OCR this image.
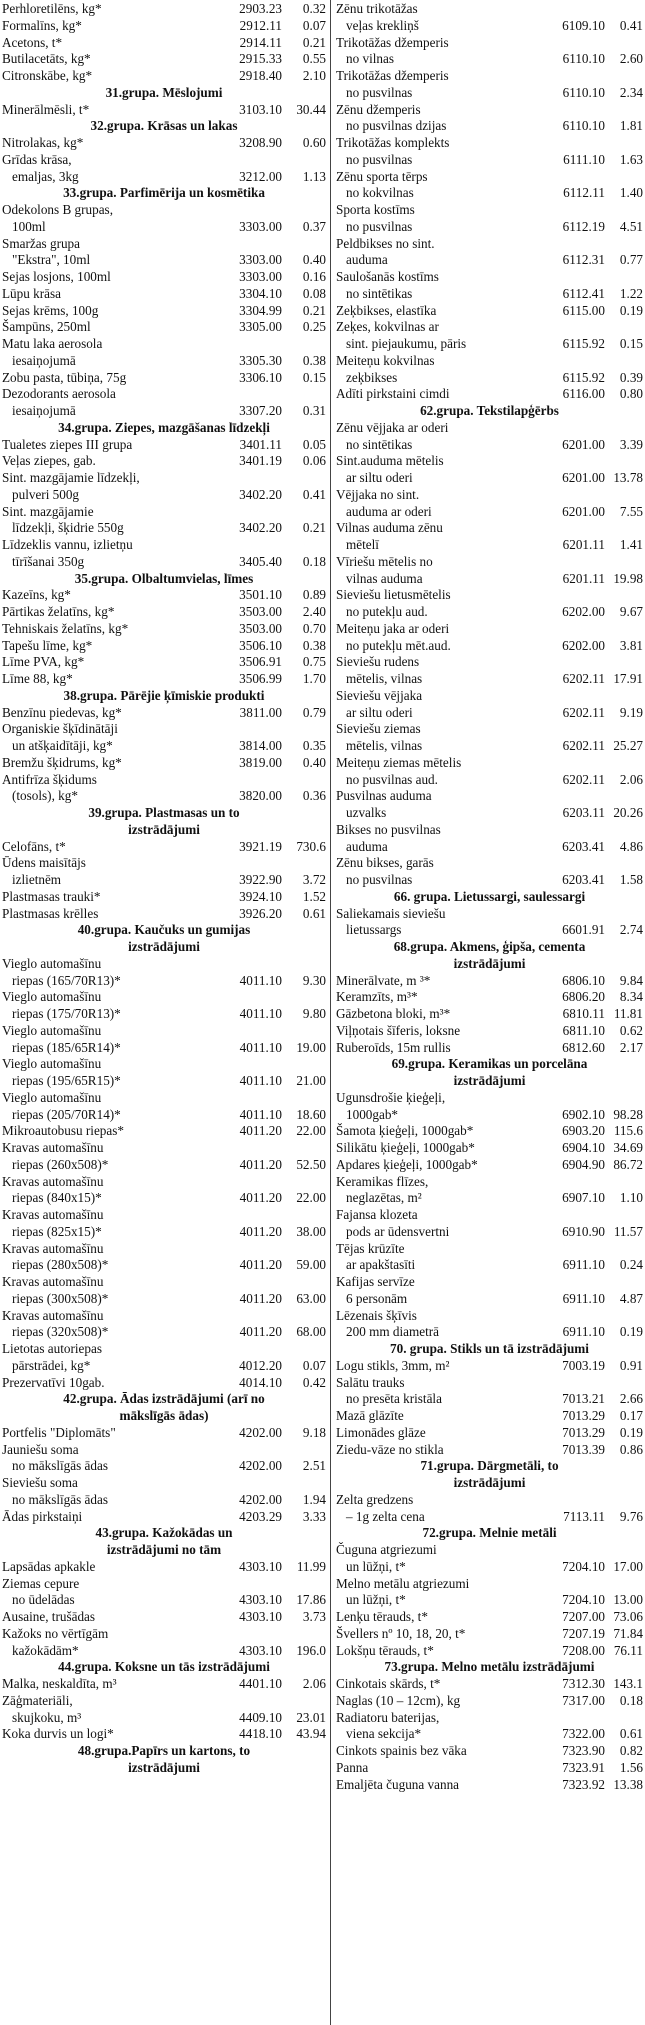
Perhloretilēns, kg*	2903.23	0.32
Formalīns, kg*	2912.11	0.07
Acetons, t*	2914.11	0.21
Butilacetāts, kg*	2915.33	0.55
Citronskābe, kg*	2918.40	2.10
31.grupa. Mēslojumi
Minerālmēsli, t*	3103.10	30.44
32.grupa. Krāsas un lakas
Nitrolakas, kg*	3208.90	0.60
Grīdas krāsa,
emaljas, 3kg	3212.00	1.13
33.grupa. Parfimērija un kosmētika
Odekolons B grupas,
100ml	3303.00	0.37
Smaržas grupa
"Ekstra", 10ml	3303.00	0.40
Sejas losjons, 100ml	3303.00	0.16
Lūpu krāsa	3304.10	0.08
Sejas krēms, 100g	3304.99	0.21
Šampūns, 250ml	3305.00	0.25
Matu laka aerosola
iesaiņojumā	3305.30	0.38
Zobu pasta, tūbiņa, 75g	3306.10	0.15
Dezodorants aerosola
iesaiņojumā	3307.20	0.31
34.grupa. Ziepes, mazgāšanas līdzekļi
Tualetes ziepes III grupa	3401.11	0.05
Veļas ziepes, gab.	3401.19	0.06
Sint. mazgājamie līdzekļi,
pulveri 500g	3402.20	0.41
Sint. mazgājamie
līdzekļi, šķidrie 550g	3402.20	0.21
Līdzeklis vannu, izlietņu
tīrīšanai 350g	3405.40	0.18
35.grupa. Olbaltumvielas, līmes
Kazeīns, kg*	3501.10	0.89
Pārtikas želatīns, kg*	3503.00	2.40
Tehniskais želatīns, kg*	3503.00	0.70
Tapešu līme, kg*	3506.10	0.38
Līme PVA, kg*	3506.91	0.75
Līme 88, kg*	3506.99	1.70
38.grupa. Pārējie ķīmiskie produkti
Benzīnu piedevas, kg*	3811.00	0.79
Organiskie šķīdinātāji
un atšķaidītāji, kg*	3814.00	0.35
Bremžu šķidrums, kg*	3819.00	0.40
Antifrīza šķidums
(tosols), kg*	3820.00	0.36
39.grupa. Plastmasas un to
izstrādājumi
Celofāns, t*	3921.19	730.6
Ūdens maisītājs
izlietnēm	3922.90	3.72
Plastmasas trauki*	3924.10	1.52
Plastmasas krēlles	3926.20	0.61
40.grupa. Kaučuks un gumijas
izstrādājumi
Vieglo automašīnu
riepas (165/70R13)*	4011.10	9.30
Vieglo automašīnu
riepas (175/70R13)*	4011.10	9.80
Vieglo automašīnu
riepas (185/65R14)*	4011.10	19.00
Vieglo automašīnu
riepas (195/65R15)*	4011.10	21.00
Vieglo automašīnu
riepas (205/70R14)*	4011.10	18.60
Mikroautobusu riepas*	4011.20	22.00
Kravas automašīnu
riepas (260x508)*	4011.20	52.50
Kravas automašīnu
riepas (840x15)*	4011.20	22.00
Kravas automašīnu
riepas (825x15)*	4011.20	38.00
Kravas automašīnu
riepas (280x508)*	4011.20	59.00
Kravas automašīnu
riepas (300x508)*	4011.20	63.00
Kravas automašīnu
riepas (320x508)*	4011.20	68.00
Lietotas autoriepas
pārstrādei, kg*	4012.20	0.07
Prezervatīvi 10gab.	4014.10	0.42
42.grupa. Ādas izstrādājumi (arī no
mākslīgās ādas)
Portfelis "Diplomāts"	4202.00	9.18
Jauniešu soma
no mākslīgās ādas	4202.00	2.51
Sieviešu soma
no mākslīgās ādas	4202.00	1.94
Ādas pirkstaiņi	4203.29	3.33
43.grupa. Kažokādas un
izstrādājumi no tām
Lapsādas apkakle	4303.10	11.99
Ziemas cepure
no ūdelādas	4303.10	17.86
Ausaine, trušādas	4303.10	3.73
Kažoks no vērtīgām
kažokādām*	4303.10	196.0
44.grupa. Koksne un tās izstrādājumi
Malka, neskaldīta, m³	4401.10	2.06
Zāģmateriāli,
skujkoku, m³	4409.10	23.01
Koka durvis un logi*	4418.10	43.94
48.grupa.Papīrs un kartons, to
izstrādājumi
Zēnu trikotāžas
veļas krekliņš	6109.10	0.41
Trikotāžas džemperis
no vilnas	6110.10	2.60
Trikotāžas džemperis
no pusvilnas	6110.10	2.34
Zēnu džemperis
no pusvilnas dzijas	6110.10	1.81
Trikotāžas komplekts
no pusvilnas	6111.10	1.63
Zēnu sporta tērps
no kokvilnas	6112.11	1.40
Sporta kostīms
no pusvilnas	6112.19	4.51
Peldbikses no sint.
auduma	6112.31	0.77
Saulošanās kostīms
no sintētikas	6112.41	1.22
Zeķbikses, elastīka	6115.00	0.19
Zeķes, kokvilnas ar
sint. piejaukumu, pāris	6115.92	0.15
Meiteņu kokvilnas
zeķbikses	6115.92	0.39
Adīti pirkstaini cimdi	6116.00	0.80
62.grupa. Tekstilapģērbs
Zēnu vējjaka ar oderi
no sintētikas	6201.00	3.39
Sint.auduma mētelis
ar siltu oderi	6201.00 13.78
Vējjaka no sint.
auduma ar oderi	6201.00	7.55
Vilnas auduma zēnu
mētelī	6201.11	1.41
Vīriešu mētelis no
vilnas auduma	6201.11 19.98
Sieviešu lietusmētelis
no putekļu aud.	6202.00	9.67
Meiteņu jaka ar oderi
no putekļu mēt.aud.	6202.00	3.81
Sieviešu rudens
mētelis, vilnas	6202.11 17.91
Sieviešu vējjaka
ar siltu oderi	6202.11	9.19
Sieviešu ziemas
mētelis, vilnas	6202.11 25.27
Meiteņu ziemas mētelis
no pusvilnas aud.	6202.11	2.06
Pusvilnas auduma
uzvalks	6203.11 20.26
Bikses no pusvilnas
auduma	6203.41	4.86
Zēnu bikses, garās
no pusvilnas	6203.41	1.58
66. grupa. Lietussargi, saulessargi
Saliekamais sieviešu
lietussargs	6601.91	2.74
68.grupa. Akmens, ģipša, cementa
izstrādājumi
Minerālvate, m ³*	6806.10	9.84
Keramzīts, m³*	6806.20	8.34
Gāzbetona bloki, m³*	6810.11 11.81
Viļņotais šīferis, loksne	6811.10	0.62
Ruberoīds, 15m rullis	6812.60	2.17
69.grupa. Keramikas un porcelāna
izstrādājumi
Ugunsdrošie ķieģeļi,
1000gab*	6902.10 98.28
Šamota ķieģeļi, 1000gab*	6903.20 115.6
Silikātu ķieģeļi, 1000gab*	6904.10 34.69
Apdares ķieģeļi, 1000gab*	6904.90 86.72
Keramikas flīzes,
neglazētas, m²	6907.10	1.10
Fajansa klozeta
pods ar ūdensvertni	6910.90 11.57
Tējas krūzīte
ar apakštasīti	6911.10	0.24
Kafijas servīze
6 personām	6911.10	4.87
Lēzenais šķīvis
200 mm diametrā	6911.10	0.19
70. grupa. Stikls un tā izstrādājumi
Logu stikls, 3mm, m²	7003.19	0.91
Salātu trauks
no presēta kristāla	7013.21	2.66
Mazā glāzīte	7013.29	0.17
Limonādes glāze	7013.29	0.19
Ziedu-vāze no stikla	7013.39	0.86
71.grupa. Dārgmetāli, to
izstrādājumi
Zelta gredzens
– 1g zelta cena	7113.11	9.76
72.grupa. Melnie metāli
Čuguna atgriezumi
un lūžņi, t*	7204.10 17.00
Melno metālu atgriezumi
un lūžņi, t*	7204.10 13.00
Lenķu tērauds, t*	7207.00 73.06
Švellers nº 10, 18, 20, t*	7207.19 71.84
Lokšņu tērauds, t*	7208.00 76.11
73.grupa. Melno metālu izstrādājumi
Cinkotais skārds, t*	7312.30 143.1
Naglas (10 – 12cm), kg	7317.00	0.18
Radiatoru baterijas,
viena sekcija*	7322.00	0.61
Cinkots spainis bez vāka	7323.90	0.82
Panna	7323.91	1.56
Emaljēta čuguna vanna	7323.92 13.38
